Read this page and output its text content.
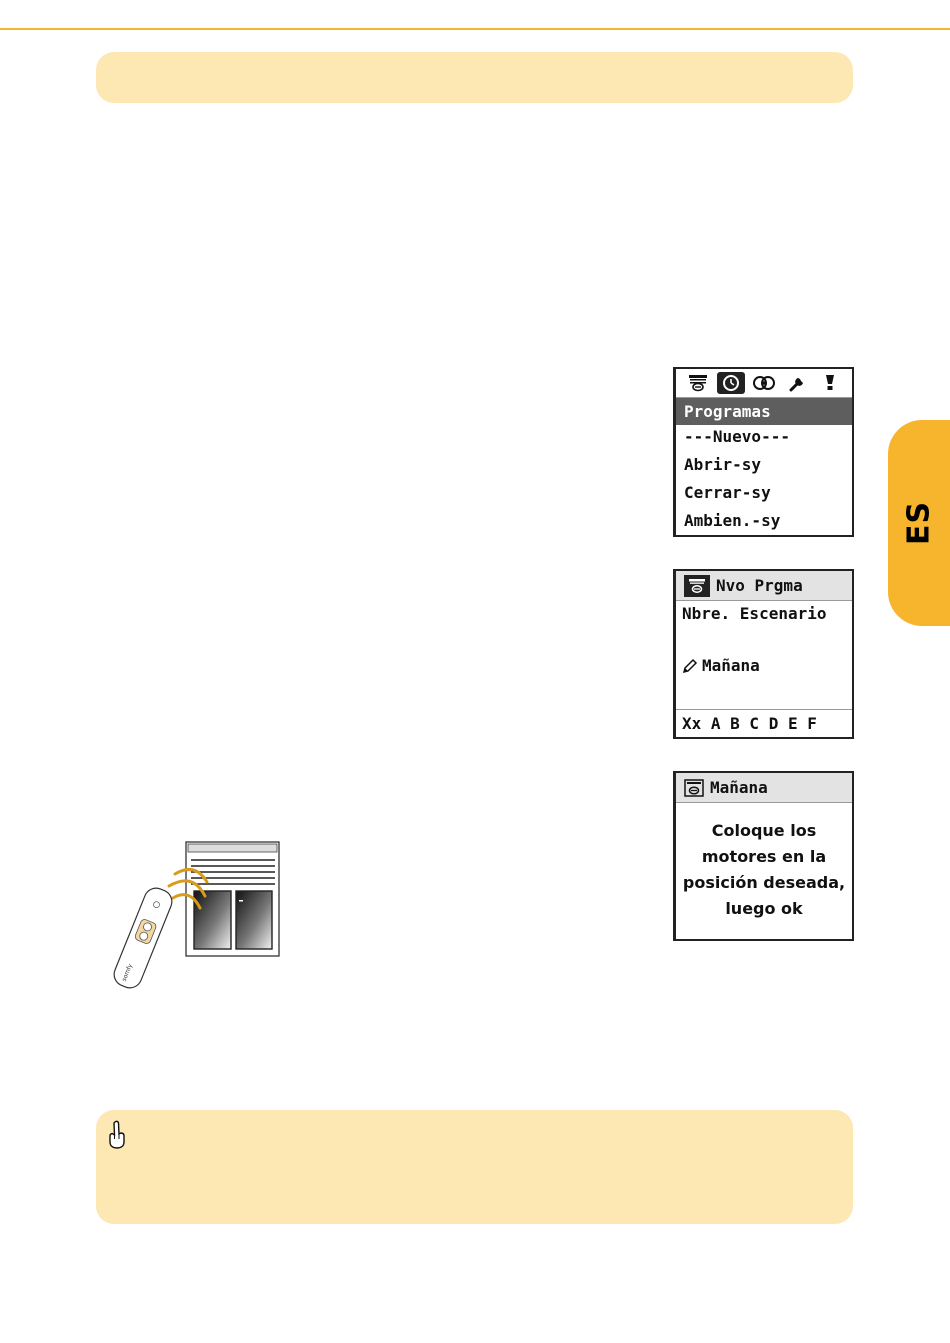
ES
Programas
---Nuevo---
Abrir-sy
Cerrar-sy
Ambien.-sy
Nvo Prgma
Nbre. Escenario
Mañana
Xx A B C D E F
Mañana
Coloque los
motores en la
posición deseada,
luego ok
somfy
